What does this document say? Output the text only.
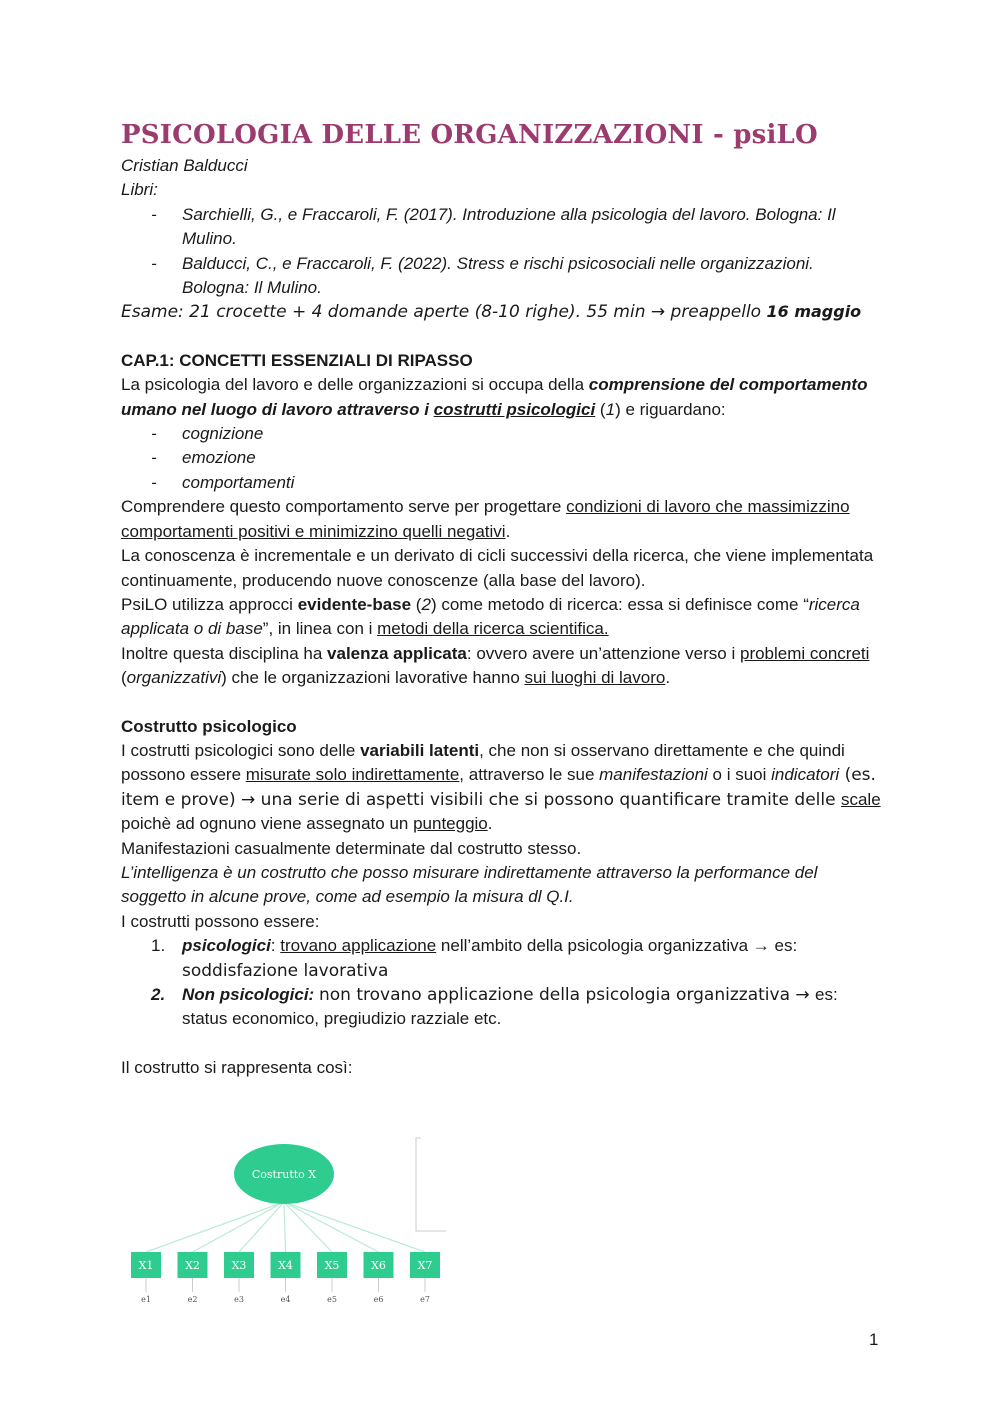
PSICOLOGIA DELLE ORGANIZZAZIONI - psiLO
Cristian Balducci
Libri:
- Sarchielli, G., e Fraccaroli, F. (2017). Introduzione alla psicologia del lavoro. Bologna: Il Mulino.
- Balducci, C., e Fraccaroli, F. (2022). Stress e rischi psicosociali nelle organizzazioni. Bologna: Il Mulino.
Esame: 21 crocette + 4 domande aperte (8-10 righe). 55 min → preappello 16 maggio
CAP.1: CONCETTI ESSENZIALI DI RIPASSO
La psicologia del lavoro e delle organizzazioni si occupa della comprensione del comportamento umano nel luogo di lavoro attraverso i costrutti psicologici (1) e riguardano:
- cognizione
- emozione
- comportamenti
Comprendere questo comportamento serve per progettare condizioni di lavoro che massimizzino comportamenti positivi e minimizzino quelli negativi.
La conoscenza è incrementale e un derivato di cicli successivi della ricerca, che viene implementata continuamente, producendo nuove conoscenze (alla base del lavoro).
PsiLO utilizza approcci evidente-base (2) come metodo di ricerca: essa si definisce come “ricerca applicata o di base”, in linea con i metodi della ricerca scientifica.
Inoltre questa disciplina ha valenza applicata: ovvero avere un’attenzione verso i problemi concreti (organizzativi) che le organizzazioni lavorative hanno sui luoghi di lavoro.
Costrutto psicologico
I costrutti psicologici sono delle variabili latenti, che non si osservano direttamente e che quindi possono essere misurate solo indirettamente, attraverso le sue manifestazioni o i suoi indicatori (es. item e prove) → una serie di aspetti visibili che si possono quantificare tramite delle scale poichè ad ognuno viene assegnato un punteggio.
Manifestazioni casualmente determinate dal costrutto stesso.
L’intelligenza è un costrutto che posso misurare indirettamente attraverso la performance del soggetto in alcune prove, come ad esempio la misura dl Q.I.
I costrutti possono essere:
1. psicologici: trovano applicazione nell’ambito della psicologia organizzativa → es: soddisfazione lavorativa
2. Non psicologici: non trovano applicazione della psicologia organizzativa → es: status economico, pregiudizio razziale etc.
Il costrutto si rappresenta così:
Costrutto X
X1
e1
X2
e2
X3
e3
X4
e4
X5
e5
X6
e6
X7
e7
1
